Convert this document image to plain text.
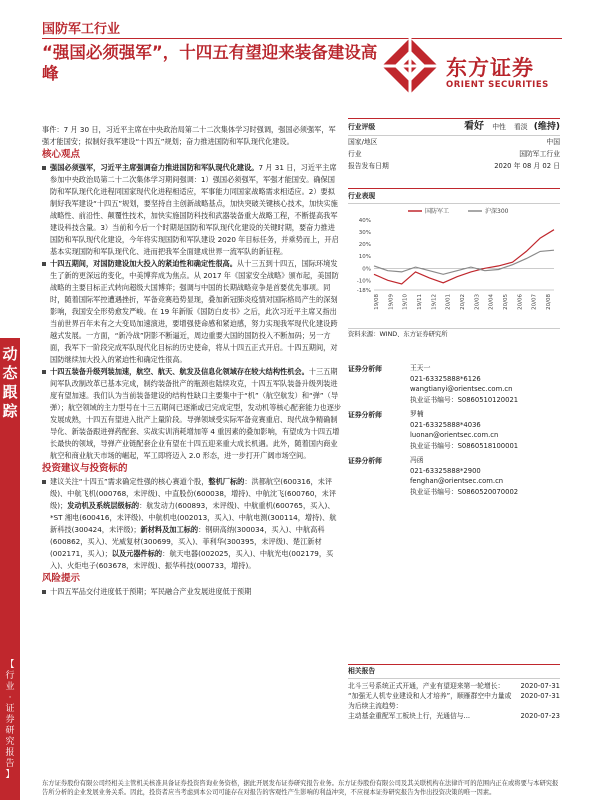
动
态
跟
踪
【
行
业
·
证
券
研
究
报
告
】
国防军工行业
“强国必须强军”，十四五有望迎来装备建设高峰	东方证券
ORIENT SECURITIES

事件：7 月 30 日，习近平主席在中央政治局第二十二次集体学习时强调，强国必须强军，军强才能国安；拟制好我军建设“十四五”规划；奋力推进国防和军队现代化建设。

核心观点

强国必须强军，习近平主席强调奋力推进国防和军队现代化建设。7 月 31 日，习近平主席参加中央政治局第二十二次集体学习期间强调：1）强国必须强军，军强才能国安。确保国防和军队现代化进程同国家现代化进程相适应，军事能力同国家战略需求相适应。2）要拟制好我军建设“十四五”规划，要坚持自主创新战略基点，加快突破关键核心技术，加快实施战略性、前沿性、颠覆性技术，加快实施国防科技和武器装备重大战略工程，不断提高我军建设科技含量。3）当前和今后一个时期是国防和军队现代化建设的关键时期，要奋力推进国防和军队现代化建设，今年将实现国防和军队建设 2020 年目标任务，并乘势而上，开启基本实现国防和军队现代化、进而把我军全面建成世界一流军队的新征程。

十四五期间，对国防建设加大投入的紧迫性和确定性很高。从十三五到十四五，国际环境发生了新的更深远的变化，中美博弈成为焦点。从 2017 年《国家安全战略》颁布起，美国防战略的主要目标正式转向超级大国博弈；强调与中国的长期战略竞争是首要优先事项。同时，随着国际军控遭遇挫折，军备竞赛趋势显现，叠加新冠肺炎疫情对国际格局产生的深刻影响，我国安全形势愈发严峻。在 19 年新版《国防白皮书》之后，此次习近平主席又指出当前世界百年未有之大变局加速演进，要增强使命感和紧迫感，努力实现我军现代化建设跨越式发展。一方面，“新冷战”阴影不断逼近，周边重要大国的国防投入不断加码；另一方面，我军下一阶段完成军队现代化目标的历史使命，将从十四五正式开启。十四五期间，对国防继续加大投入的紧迫性和确定性很高。

十四五装备升级列装加速，航空、航天、航发及信息化领域存在较大结构性机会。十三五期间军队改制改革已基本完成，制约装备批产的瓶颈也陆续攻克，十四五军队装备升级列装进度有望加速。我们认为当前装备建设的结构性缺口主要集中于“机”（航空航发）和“弹”（导弹）；航空领域的主力型号在十三五期间已逐渐或已完成定型，发动机等核心配套能力也逐步发展成熟，十四五有望进入批产上量阶段。导弹领域受实际军备竞赛重启、现代战争精确制导化、新装备跟进弹药配套、实战实训消耗增加等 4 重因素的叠加影响，有望成为十四五增长最快的领域，导弹产业链配套企业有望在十四五迎来重大成长机遇。此外，随着国内商业航空和商业航天市场的崛起，军工即将迈入 2.0 形态，进一步打开广阔市场空间。

投资建议与投资标的

建议关注“十四五”需求确定性强的核心赛道个股，整机厂标的：洪都航空(600316，未评级)、中航飞机(000768，未评级)、中直股份(600038，增持)、中航沈飞(600760，未评级)；发动机及系统层级标的：航发动力(600893，未评级)、中航重机(600765，买入)、*ST 湘电(600416，未评级)、中航机电(002013，买入)、中航电测(300114，增持)、航新科技(300424，未评级)；新材料及加工标的：钢研高纳(300034，买入)、中航高科(600862，买入)、光威复材(300699，买入)、菲利华(300395，未评级)、楚江新材(002171，买入)；以及元器件标的：航天电器(002025，买入)、中航光电(002179，买入)、火炬电子(603678，未评级)、振华科技(000733，增持)。

风险提示

十四五军品交付进度低于预期；军民融合产业发展进度低于预期

行业评级	看好 中性 看淡 (维持)
国家/地区	中国
行业	国防军工行业
报告发布日期	2020 年 08 月 02 日
行业表现
国防军工	沪深300
40%
30%
20%
10%
0%
-10%
-18%
19/08 19/09 19/10 19/11 19/12 20/01 20/02 20/03 20/04 20/05 20/06 20/07 20/08
资料来源：WIND、东方证券研究所
证券分析师	王天一
021-63325888*6126
wangtianyi@orientsec.com.cn
执业证书编号：S0860510120021
证券分析师	罗楠
021-63325888*4036
luonan@orientsec.com.cn
执业证书编号：S0860518100001
证券分析师	冯函
021-63325888*2900
fenghan@orientsec.com.cn
执业证书编号：S0860520070002
相关报告
北斗三号系统正式开通，产业有望迎来第一轮增长：	2020-07-31
“加强无人机专业建设和人才培养”，顺雁群空中力量或为后续主流趋势：
2020-07-31
主动基金重配军工板块上行，光通信与...	2020-07-23
东方证券股份有限公司经相关主管机关核准具备证券投资咨询业务资格，据此开展发布证券研究报告业务。东方证券股份有限公司及其关联机构在法律许可的范围内正在或将要与本研究报告所分析的企业发展业务关系。因此，投资者应当考虑到本公司可能存在对报告的客观性产生影响的利益冲突，不应视本证券研究报告为作出投资决策的唯一因素。
